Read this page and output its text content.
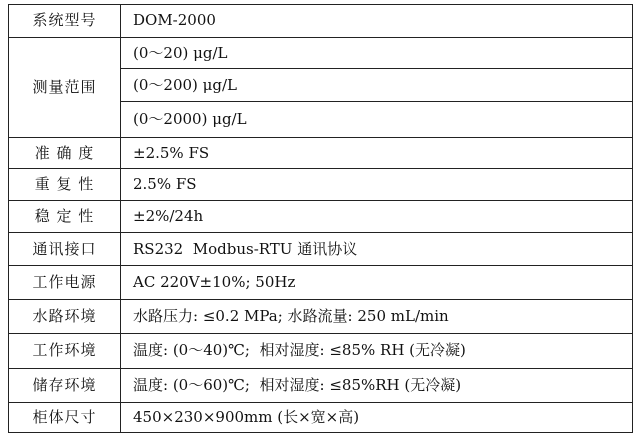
系统型号	DOM-2000
测量范围	(0～20) μg/L
	(0～200) μg/L
	(0～2000) μg/L
准 确 度	±2.5% FS
重 复 性	2.5% FS
稳 定 性	±2%/24h
通讯接口	RS232  Modbus-RTU 通讯协议
工作电源	AC 220V±10%; 50Hz
水路环境	水路压力: ≤0.2 MPa; 水路流量: 250 mL/min
工作环境	温度: (0～40)℃;  相对湿度: ≤85% RH (无冷凝)
储存环境	温度: (0～60)℃;  相对湿度: ≤85%RH (无冷凝)
柜体尺寸	450×230×900mm (长×宽×高)
